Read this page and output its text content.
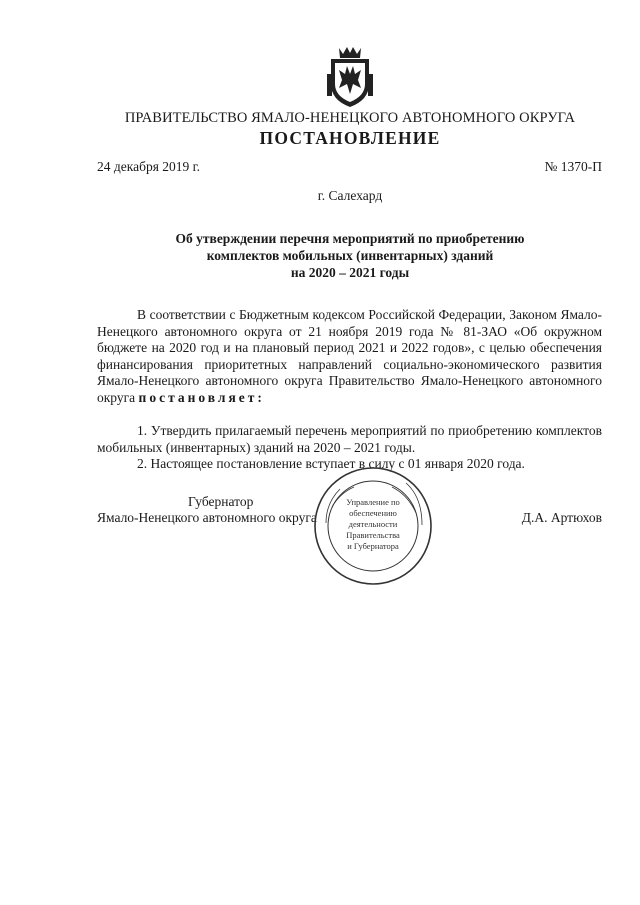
ПРАВИТЕЛЬСТВО ЯМАЛО-НЕНЕЦКОГО АВТОНОМНОГО ОКРУГА
ПОСТАНОВЛЕНИЕ
24 декабря 2019 г.	№ 1370-П
г. Салехард
Об утверждении перечня мероприятий по приобретению
комплектов мобильных (инвентарных) зданий
на 2020 – 2021 годы

В соответствии с Бюджетным кодексом Российской Федерации, Законом Ямало-Ненецкого автономного округа от 21 ноября 2019 года № 81-ЗАО «Об окружном бюджете на 2020 год и на плановый период 2021 и 2022 годов», с целью обеспечения финансирования приоритетных направлений социально-экономического развития Ямало-Ненецкого автономного округа Правительство Ямало-Ненецкого автономного округа постановляет:

1. Утвердить прилагаемый перечень мероприятий по приобретению комплектов мобильных (инвентарных) зданий на 2020 – 2021 годы.

2. Настоящее постановление вступает в силу с 01 января 2020 года.

Губернатор
Ямало-Ненецкого автономного округа	Д.А. Артюхов
Управление по
обеспечению
деятельности
Правительства
и Губернатора
